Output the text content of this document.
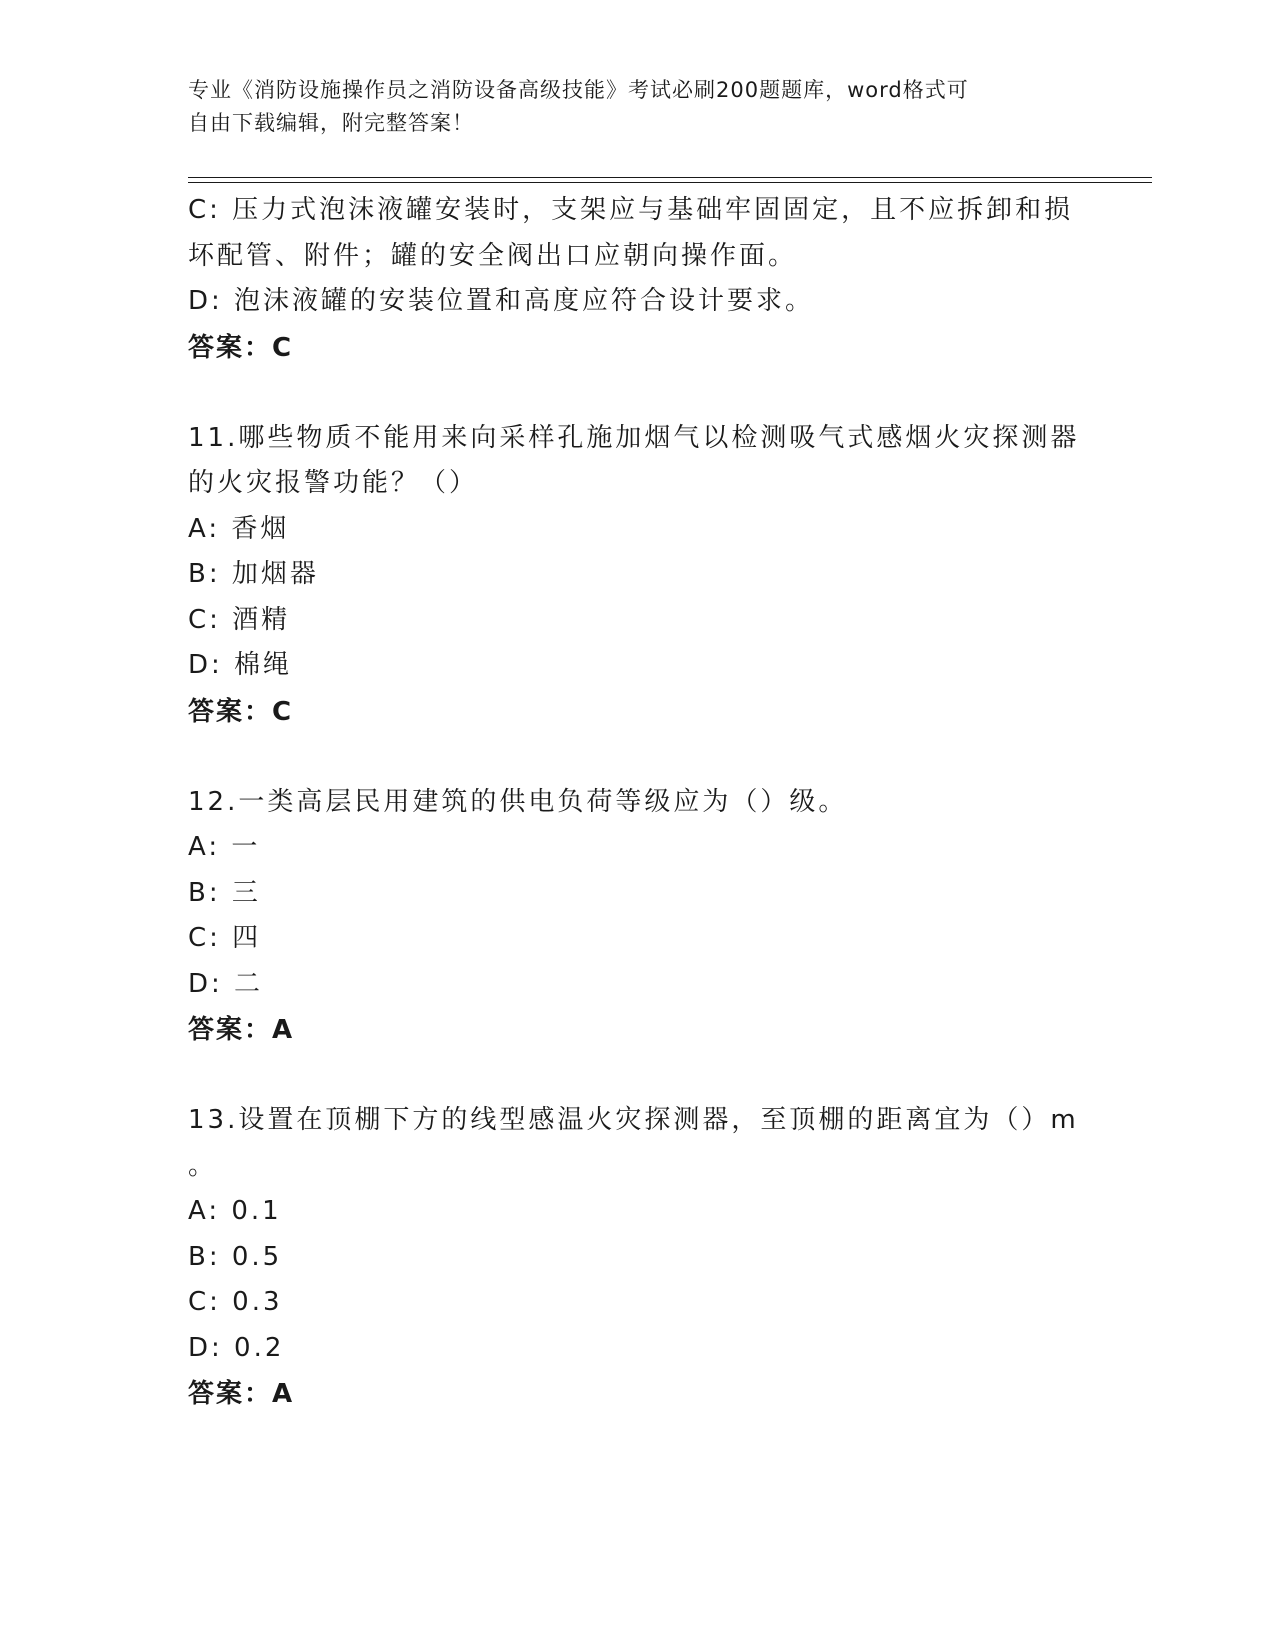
专业《消防设施操作员之消防设备高级技能》考试必刷200题题库，word格式可
自由下载编辑，附完整答案！
C: 压力式泡沫液罐安装时，支架应与基础牢固固定，且不应拆卸和损
坏配管、附件；罐的安全阀出口应朝向操作面。
D: 泡沫液罐的安装位置和高度应符合设计要求。
答案：C
11.哪些物质不能用来向采样孔施加烟气以检测吸气式感烟火灾探测器
的火灾报警功能？（）
A: 香烟
B: 加烟器
C: 酒精
D: 棉绳
答案：C
12.一类高层民用建筑的供电负荷等级应为（）级。
A: 一
B: 三
C: 四
D: 二
答案：A
13.设置在顶棚下方的线型感温火灾探测器，至顶棚的距离宜为（）m
。
A: 0.1
B: 0.5
C: 0.3
D: 0.2
答案：A
